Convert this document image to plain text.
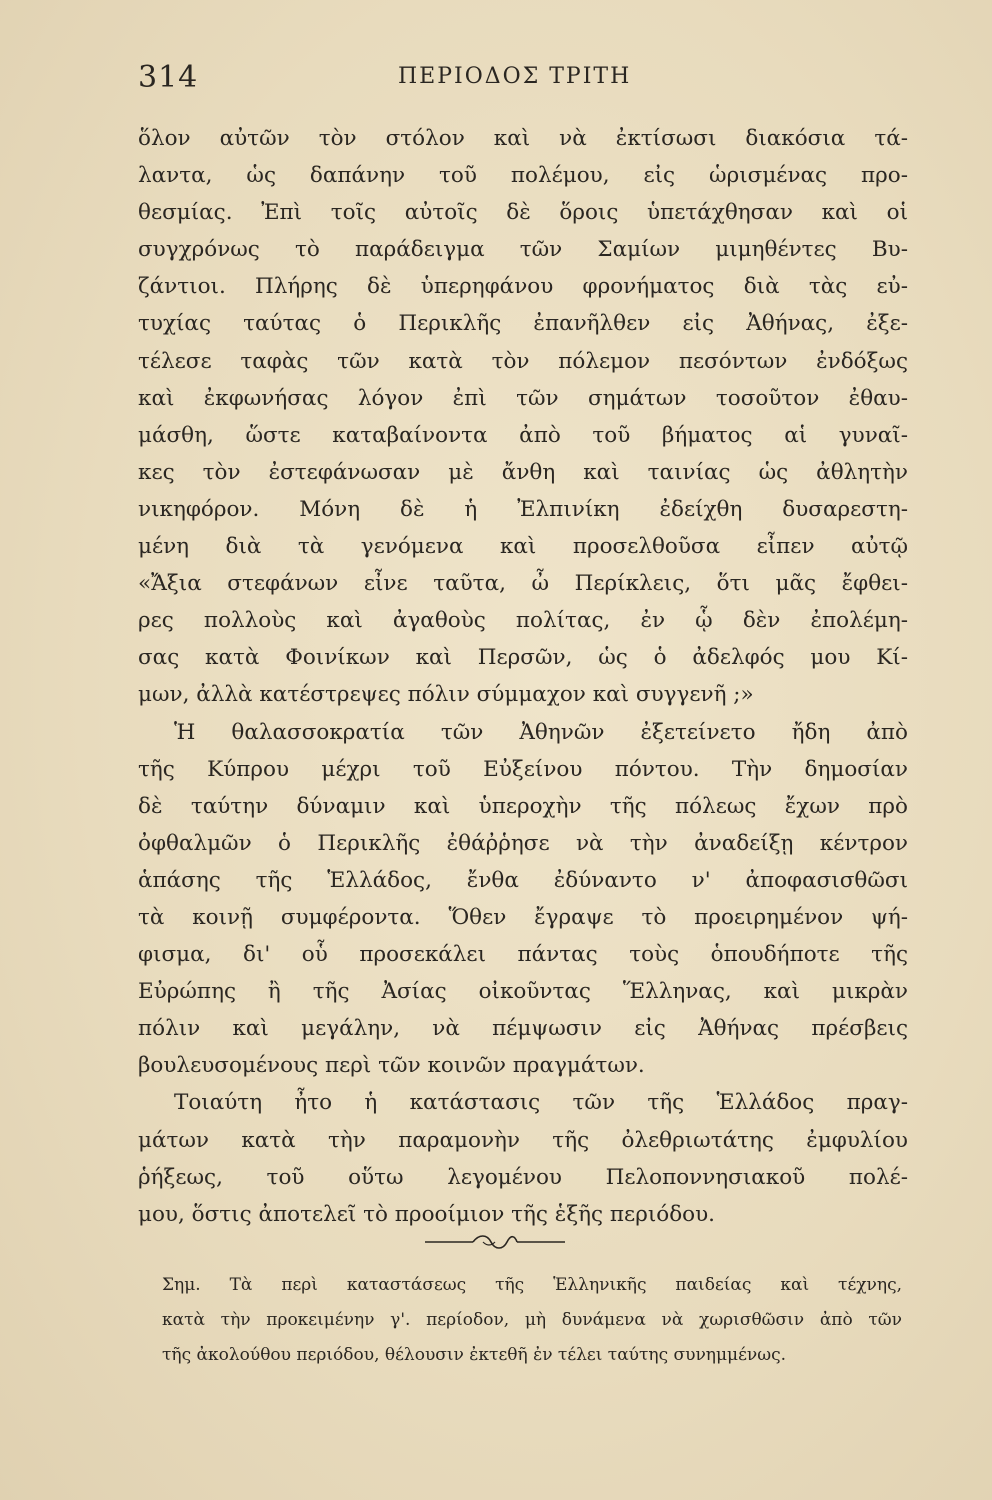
314	ΠΕΡΙΟΔΟΣ ΤΡΙΤΗ
ὅλον αὐτῶν τὸν στόλον καὶ νὰ ἐκτίσωσι διακόσια τά-
λαντα, ὡς δαπάνην τοῦ πολέμου, εἰς ὡρισμένας προ-
θεσμίας. Ἐπὶ τοῖς αὐτοῖς δὲ ὅροις ὑπετάχθησαν καὶ οἱ
συγχρόνως τὸ παράδειγμα τῶν Σαμίων μιμηθέντες Βυ-
ζάντιοι. Πλήρης δὲ ὑπερηφάνου φρονήματος διὰ τὰς εὐ-
τυχίας ταύτας ὁ Περικλῆς ἐπανῆλθεν εἰς Ἀθήνας, ἐξε-
τέλεσε ταφὰς τῶν κατὰ τὸν πόλεμον πεσόντων ἐνδόξως
καὶ ἐκφωνήσας λόγον ἐπὶ τῶν σημάτων τοσοῦτον ἐθαυ-
μάσθη, ὥστε καταβαίνοντα ἀπὸ τοῦ βήματος αἱ γυναῖ-
κες τὸν ἐστεφάνωσαν μὲ ἄνθη καὶ ταινίας ὡς ἀθλητὴν
νικηφόρον. Μόνη δὲ ἡ Ἐλπινίκη ἐδείχθη δυσαρεστη-
μένη διὰ τὰ γενόμενα καὶ προσελθοῦσα εἶπεν αὐτῷ
«Ἄξια στεφάνων εἶνε ταῦτα, ὦ Περίκλεις, ὅτι μᾶς ἔφθει-
ρες πολλοὺς καὶ ἀγαθοὺς πολίτας, ἐν ᾧ δὲν ἐπολέμη-
σας κατὰ Φοινίκων καὶ Περσῶν, ὡς ὁ ἀδελφός μου Κί-
μων, ἀλλὰ κατέστρεψες πόλιν σύμμαχον καὶ συγγενῆ ;»
Ἡ θαλασσοκρατία τῶν Ἀθηνῶν ἐξετείνετο ἤδη ἀπὸ
τῆς Κύπρου μέχρι τοῦ Εὐξείνου πόντου. Τὴν δημοσίαν
δὲ ταύτην δύναμιν καὶ ὑπεροχὴν τῆς πόλεως ἔχων πρὸ
ὀφθαλμῶν ὁ Περικλῆς ἐθάῤῥησε νὰ τὴν ἀναδείξῃ κέντρον
ἁπάσης τῆς Ἑλλάδος, ἔνθα ἐδύναντο ν' ἀποφασισθῶσι
τὰ κοινῇ συμφέροντα. Ὅθεν ἔγραψε τὸ προειρημένον ψή-
φισμα, δι' οὗ προσεκάλει πάντας τοὺς ὁπουδήποτε τῆς
Εὐρώπης ἢ τῆς Ἀσίας οἰκοῦντας Ἕλληνας, καὶ μικρὰν
πόλιν καὶ μεγάλην, νὰ πέμψωσιν εἰς Ἀθήνας πρέσβεις
βουλευσομένους περὶ τῶν κοινῶν πραγμάτων.
Τοιαύτη ἦτο ἡ κατάστασις τῶν τῆς Ἑλλάδος πραγ-
μάτων κατὰ τὴν παραμονὴν τῆς ὀλεθριωτάτης ἐμφυλίου
ῥήξεως, τοῦ οὕτω λεγομένου Πελοποννησιακοῦ πολέ-
μου, ὅστις ἀποτελεῖ τὸ προοίμιον τῆς ἑξῆς περιόδου.
Σημ. Τὰ περὶ καταστάσεως τῆς Ἑλληνικῆς παιδείας καὶ τέχνης,
κατὰ τὴν προκειμένην γ'. περίοδον, μὴ δυνάμενα νὰ χωρισθῶσιν ἀπὸ τῶν
τῆς ἀκολούθου περιόδου, θέλουσιν ἐκτεθῆ ἐν τέλει ταύτης συνημμένως.
